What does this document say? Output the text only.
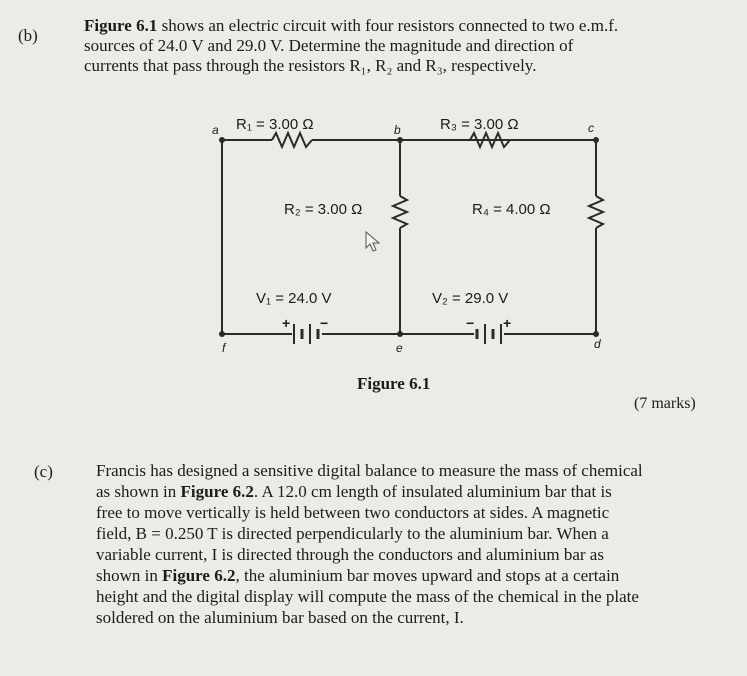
(b)
Figure 6.1 shows an electric circuit with four resistors connected to two e.m.f.
sources of 24.0 V and 29.0 V. Determine the magnitude and direction of
currents that pass through the resistors R₁, R₂ and R₃, respectively.
R₁ = 3.00 Ω	R₃ = 3.00 Ω
R₂ = 3.00 Ω	R₄ = 4.00 Ω
V₁ = 24.0 V	V₂ = 29.0 V
a	b	c
d
e
f
+ −	− +
Figure 6.1
(7 marks)
(c)	Francis has designed a sensitive digital balance to measure the mass of chemical
as shown in Figure 6.2. A 12.0 cm length of insulated aluminium bar that is
free to move vertically is held between two conductors at sides. A magnetic
field, B = 0.250 T is directed perpendicularly to the aluminium bar. When a
variable current, I is directed through the conductors and aluminium bar as
shown in Figure 6.2, the aluminium bar moves upward and stops at a certain
height and the digital display will compute the mass of the chemical in the plate
soldered on the aluminium bar based on the current, I.
